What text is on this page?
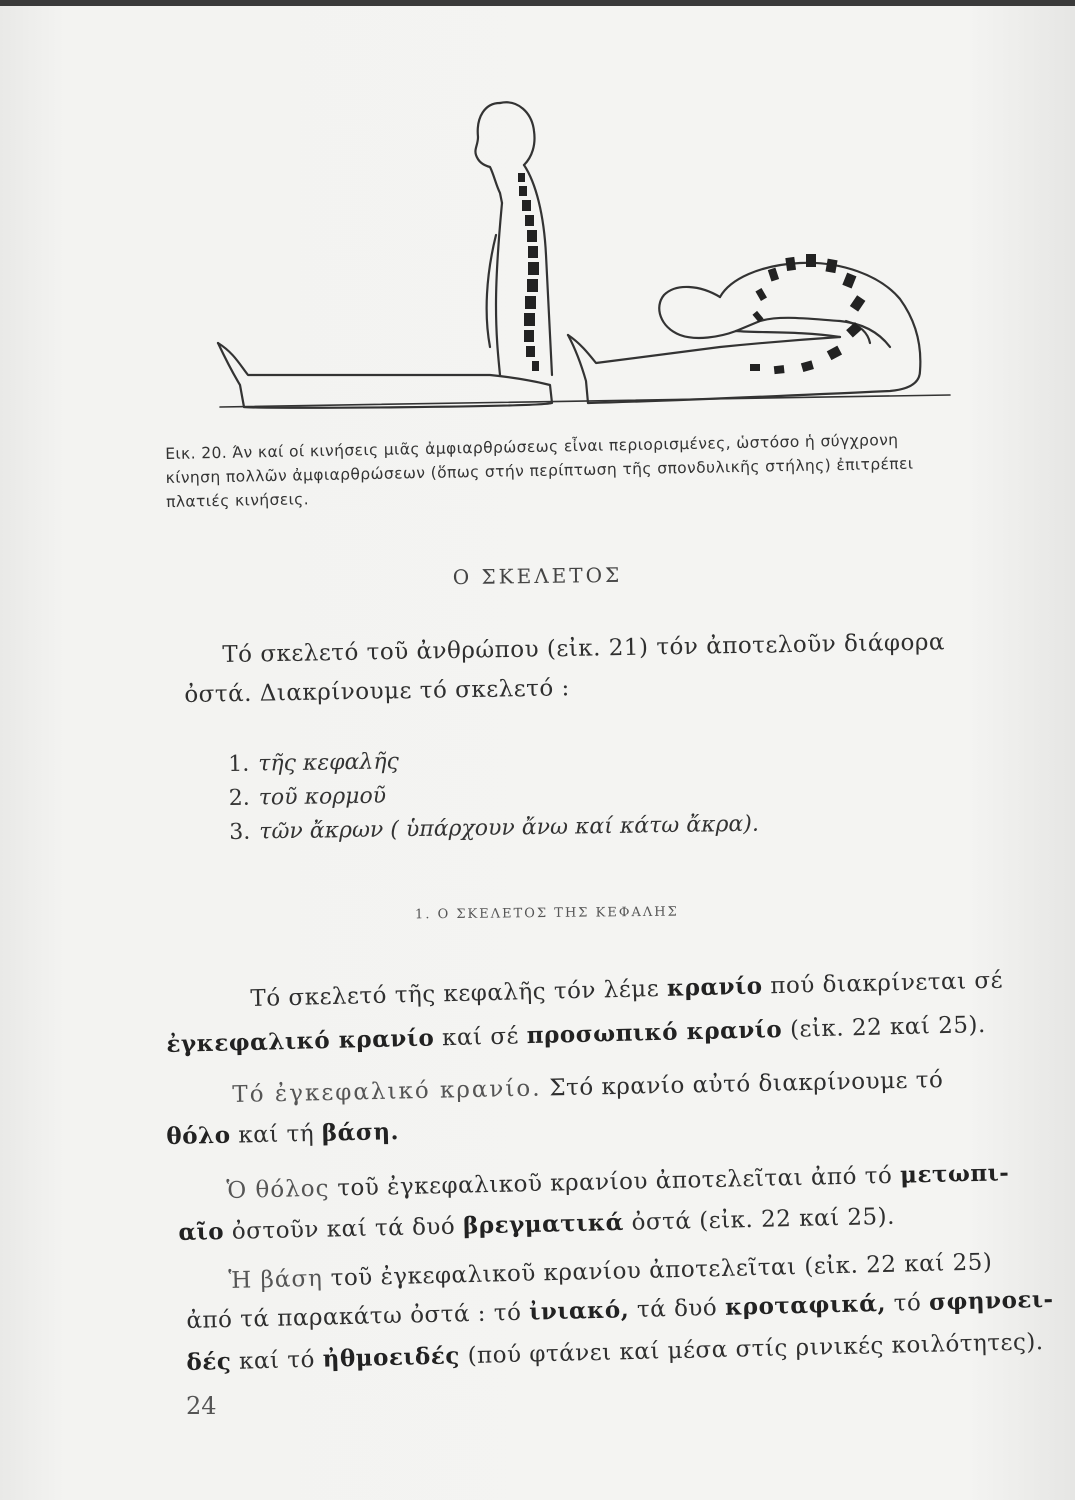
Εικ. 20. Άν καί οί κινήσεις μιᾶς ἀμφιαρθρώσεως εἶναι περιορισμένες, ὡστόσο ἡ σύγχρονη

κίνηση πολλῶν ἀμφιαρθρώσεων (ὅπως στήν περίπτωση τῆς σπονδυλικῆς στήλης) ἐπιτρέπει

πλατιές κινήσεις.

Ο ΣΚΕΛΕΤΟΣ
Τό σκελετό τοῦ ἀνθρώπου (εἰκ. 21) τόν ἀποτελοῦν διάφορα
ὀστά. Διακρίνουμε τό σκελετό :
1. τῆς κεφαλῆς
2. τοῦ κορμοῦ
3. τῶν ἄκρων ( ὑπάρχουν ἄνω καί κάτω ἄκρα).
1. Ο ΣΚΕΛΕΤΟΣ ΤΗΣ ΚΕΦΑΛΗΣ
Τό σκελετό τῆς κεφαλῆς τόν λέμε κρανίο πού διακρίνεται σέ
ἐγκεφαλικό κρανίο καί σέ προσωπικό κρανίο (εἰκ. 22 καί 25).
Τό ἐγκεφαλικό κρανίο. Στό κρανίο αὐτό διακρίνουμε τό
θόλο καί τή βάση.
Ὁ θόλος τοῦ ἐγκεφαλικοῦ κρανίου ἀποτελεῖται ἀπό τό μετωπι-
αῖο ὀστοῦν καί τά δυό βρεγματικά ὀστά (εἰκ. 22 καί 25).
Ἡ βάση τοῦ ἐγκεφαλικοῦ κρανίου ἀποτελεῖται (εἰκ. 22 καί 25)
ἀπό τά παρακάτω ὀστά : τό ἰνιακό, τά δυό κροταφικά, τό σφηνοει-
δές καί τό ἠθμοειδές (πού φτάνει καί μέσα στίς ρινικές κοιλότητες).
24
